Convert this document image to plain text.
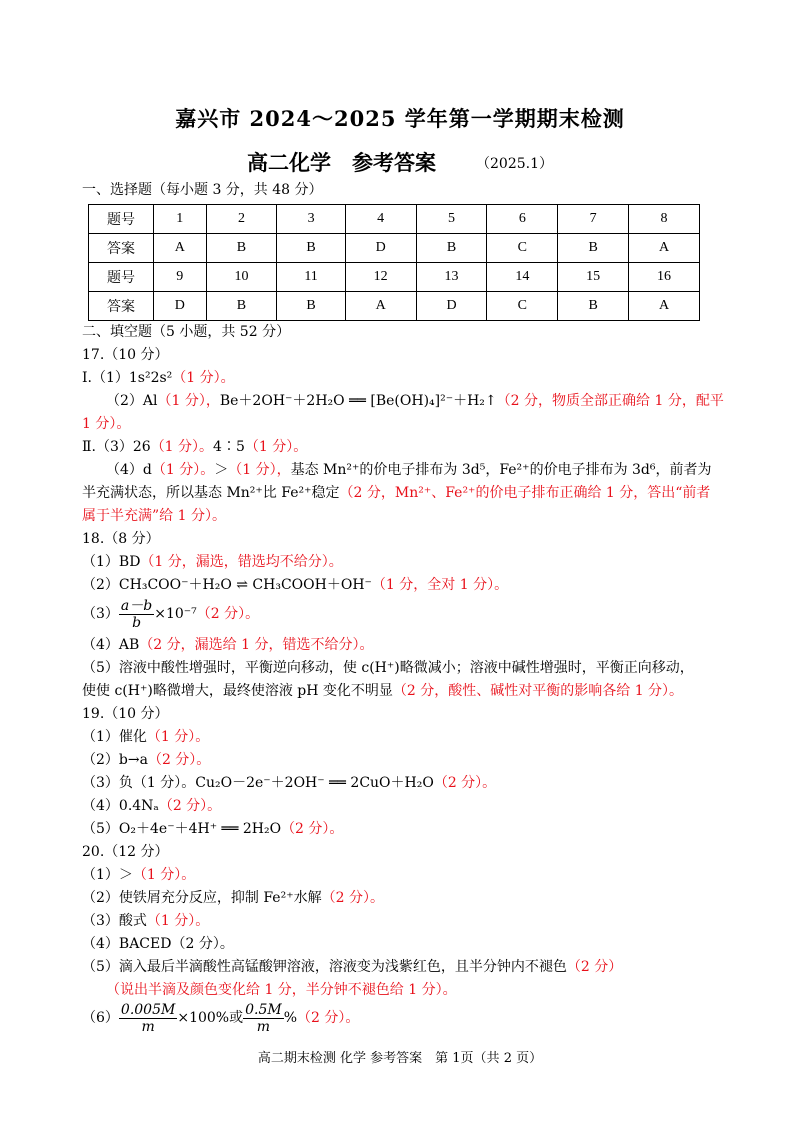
嘉兴市 2024～2025 学年第一学期期末检测
高二化学　参考答案	（2025.1）
一、选择题（每小题 3 分，共 48 分）
题号	1	2	3	4	5	6	7	8
答案	A	B	B	D	B	C	B	A
题号	9	10	11	12	13	14	15	16
答案	D	B	B	A	D	C	B	A
二、填空题（5 小题，共 52 分）
17.（10 分）
Ⅰ.（1）1s²2s²（1 分）。
（2）Al（1 分），Be＋2OH⁻＋2H₂O ══ [Be(OH)₄]²⁻＋H₂↑（2 分，物质全部正确给 1 分，配平
1 分）。
Ⅱ.（3）26（1 分）。4∶5（1 分）。
（4）d（1 分）。＞（1 分），基态 Mn²⁺的价电子排布为 3d⁵，Fe²⁺的价电子排布为 3d⁶，前者为
半充满状态，所以基态 Mn²⁺比 Fe²⁺稳定（2 分，Mn²⁺、Fe²⁺的价电子排布正确给 1 分，答出“前者
属于半充满”给 1 分）。
18.（8 分）
（1）BD（1 分，漏选，错选均不给分）。
（2）CH₃COO⁻＋H₂O ⇌ CH₃COOH＋OH⁻（1 分，全对 1 分）。
$(3) \frac{a-b}{b} \times 10^{-7}(2$ 分）。
（4）AB（2 分，漏选给 1 分，错选不给分）。
（5）溶液中酸性增强时，平衡逆向移动，使 c(H⁺)略微减小；溶液中碱性增强时，平衡正向移动，
使使 c(H⁺)略微增大，最终使溶液 pH 变化不明显（2 分，酸性、碱性对平衡的影响各给 1 分）。
19.（10 分）
（1）催化（1 分）。
（2）b→a（2 分）。
（3）负（1 分）。Cu₂O－2e⁻＋2OH⁻ ══ 2CuO＋H₂O（2 分）。
（4）0.4Nₐ（2 分）。
（5）O₂＋4e⁻＋4H⁺ ══ 2H₂O（2 分）。
20.（12 分）
（1）＞（1 分）。
（2）使铁屑充分反应，抑制 Fe²⁺水解（2 分）。
（3）酸式（1 分）。
（4）BACED（2 分）。
（5）滴入最后半滴酸性高锰酸钾溶液，溶液变为浅紫红色，且半分钟内不褪色（2 分）
（说出半滴及颜色变化给 1 分，半分钟不褪色给 1 分）。
$(6) \frac{0.005M}{m} \times 100\%$或 $\frac{0.5M}{m} \%(2$ 分）。
高二期末检测 化学 参考答案　第 1页（共 2 页）
